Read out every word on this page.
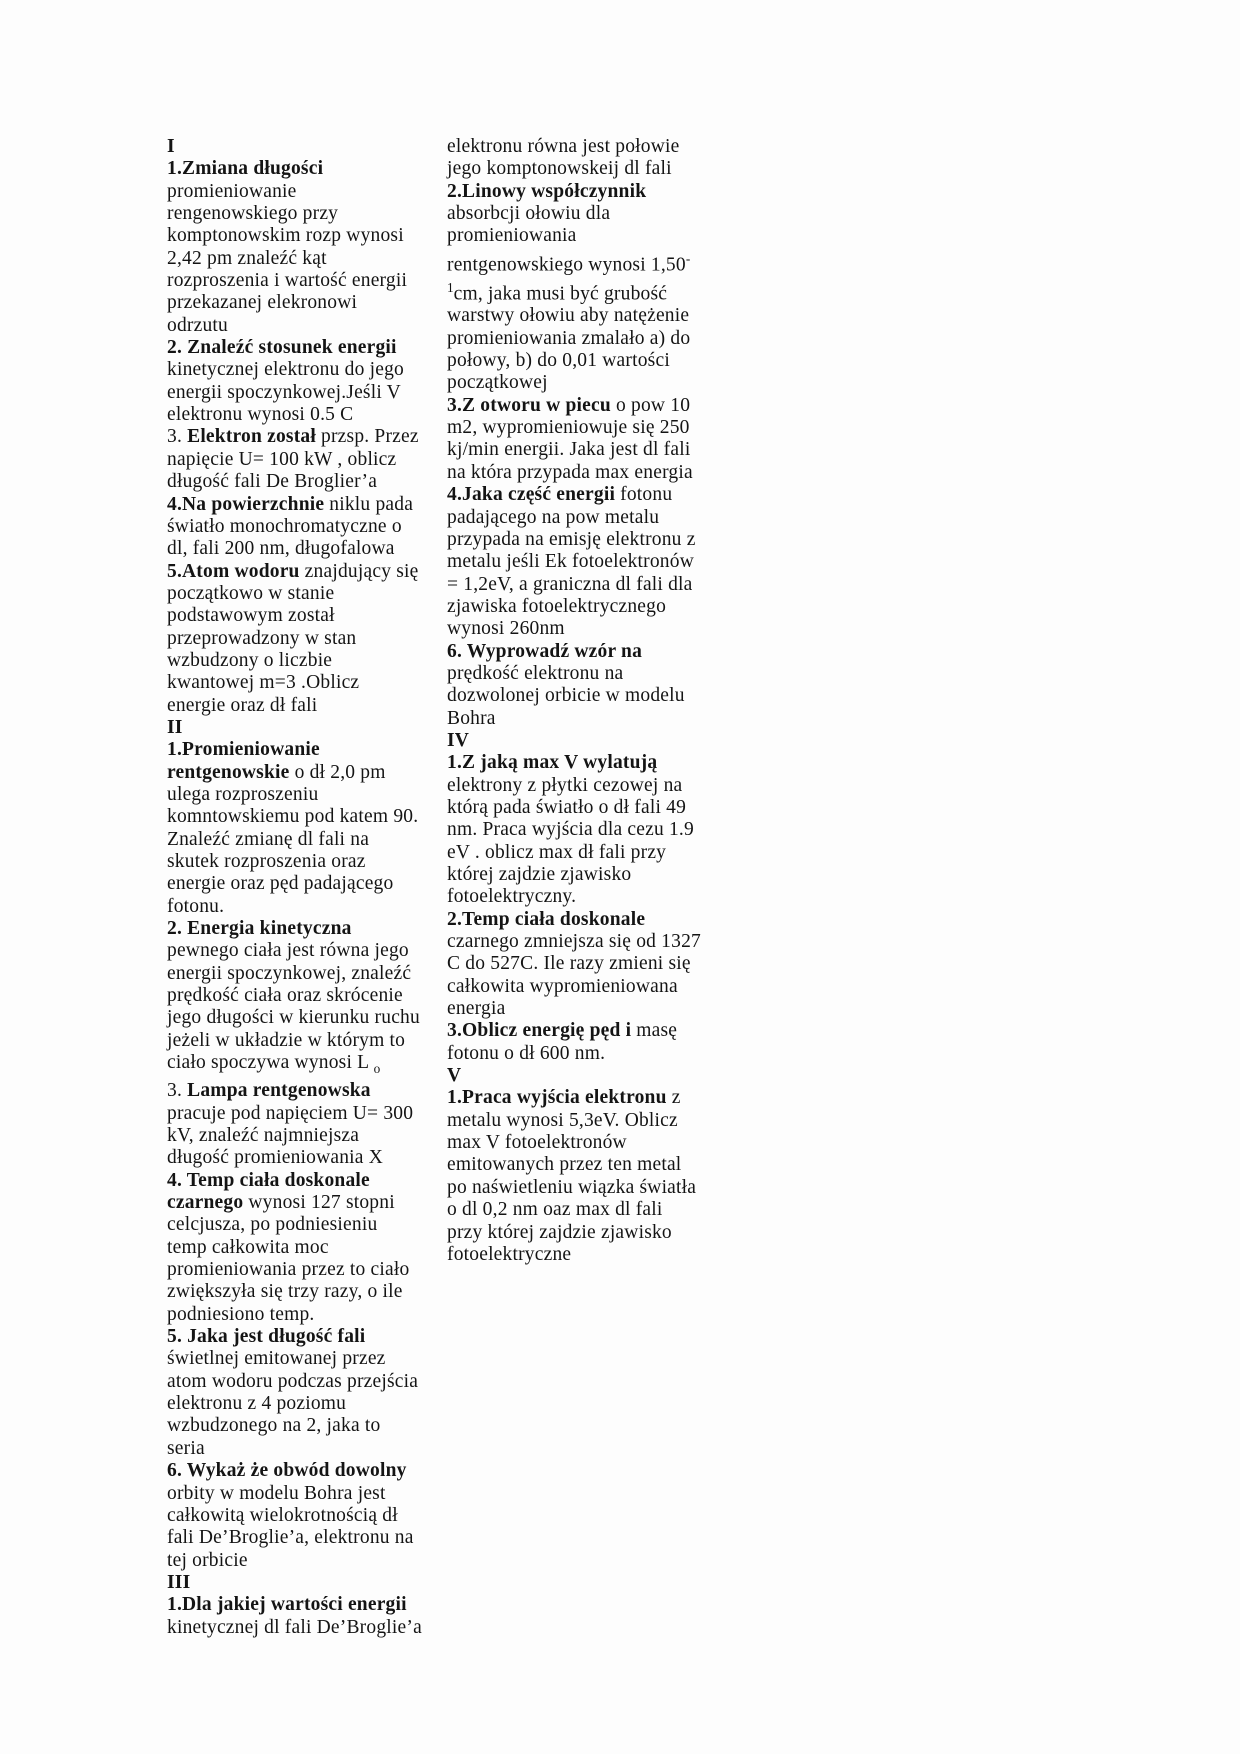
I
1.Zmiana długości
promieniowanie
rengenowskiego przy
komptonowskim rozp wynosi
2,42 pm znaleźć kąt
rozproszenia i wartość energii
przekazanej elekronowi
odrzutu
2. Znaleźć stosunek energii
kinetycznej elektronu do jego
energii spoczynkowej.Jeśli V
elektronu wynosi 0.5 C
3. Elektron został przsp. Przez
napięcie U= 100 kW , oblicz
długość fali De Broglier’a
4.Na powierzchnie niklu pada
światło monochromatyczne o
dl, fali 200 nm, długofalowa
5.Atom wodoru znajdujący się
początkowo w stanie
podstawowym został
przeprowadzony w stan
wzbudzony o liczbie
kwantowej m=3 .Oblicz
energie oraz dł fali
II
1.Promieniowanie
rentgenowskie o dł 2,0 pm
ulega rozproszeniu
komntowskiemu pod katem 90.
Znaleźć zmianę dl fali na
skutek rozproszenia oraz
energie oraz pęd padającego
fotonu.
2. Energia kinetyczna
pewnego ciała jest równa jego
energii spoczynkowej, znaleźć
prędkość ciała oraz skrócenie
jego długości w kierunku ruchu
jeżeli w układzie w którym to
ciało spoczywa wynosi L $_o$
3. Lampa rentgenowska
pracuje pod napięciem U= 300
kV, znaleźć najmniejsza
długość promieniowania X
4. Temp ciała doskonale
czarnego wynosi 127 stopni
celcjusza, po podniesieniu
temp całkowita moc
promieniowania przez to ciało
zwiększyła się trzy razy, o ile
podniesiono temp.
5. Jaka jest długość fali
świetlnej emitowanej przez
atom wodoru podczas przejścia
elektronu z 4 poziomu
wzbudzonego na 2, jaka to
seria
6. Wykaż że obwód dowolny
orbity w modelu Bohra jest
całkowitą wielokrotnością dł
fali De’Broglie’a, elektronu na
tej orbicie
III
1.Dla jakiej wartości energii
kinetycznej dl fali De’Broglie’a
elektronu równa jest połowie
jego komptonowskeij dl fali
2.Linowy współczynnik
absorbcji ołowiu dla
promieniowania
rentgenowskiego wynosi 1,50-
$^1$cm, jaka musi być grubość
warstwy ołowiu aby natężenie
promieniowania zmalało a) do
połowy, b) do 0,01 wartości
początkowej
3.Z otworu w piecu o pow 10
m2, wypromieniowuje się 250
kj/min energii. Jaka jest dl fali
na która przypada max energia
4.Jaka część energii fotonu
padającego na pow metalu
przypada na emisję elektronu z
metalu jeśli Ek fotoelektronów
= 1,2eV, a graniczna dl fali dla
zjawiska fotoelektrycznego
wynosi 260nm
6. Wyprowadź wzór na
prędkość elektronu na
dozwolonej orbicie w modelu
Bohra
IV
1.Z jaką max V wylatują
elektrony z płytki cezowej na
którą pada światło o dł fali 49
nm. Praca wyjścia dla cezu 1.9
eV . oblicz max dł fali przy
której zajdzie zjawisko
fotoelektryczny.
2.Temp ciała doskonale
czarnego zmniejsza się od 1327
C do 527C. Ile razy zmieni się
całkowita wypromieniowana
energia
3.Oblicz energię pęd i masę
fotonu o dł 600 nm.
V
1.Praca wyjścia elektronu z
metalu wynosi 5,3eV. Oblicz
max V fotoelektronów
emitowanych przez ten metal
po naświetleniu wiązka światła
o dl 0,2 nm oaz max dl fali
przy której zajdzie zjawisko
fotoelektryczne
